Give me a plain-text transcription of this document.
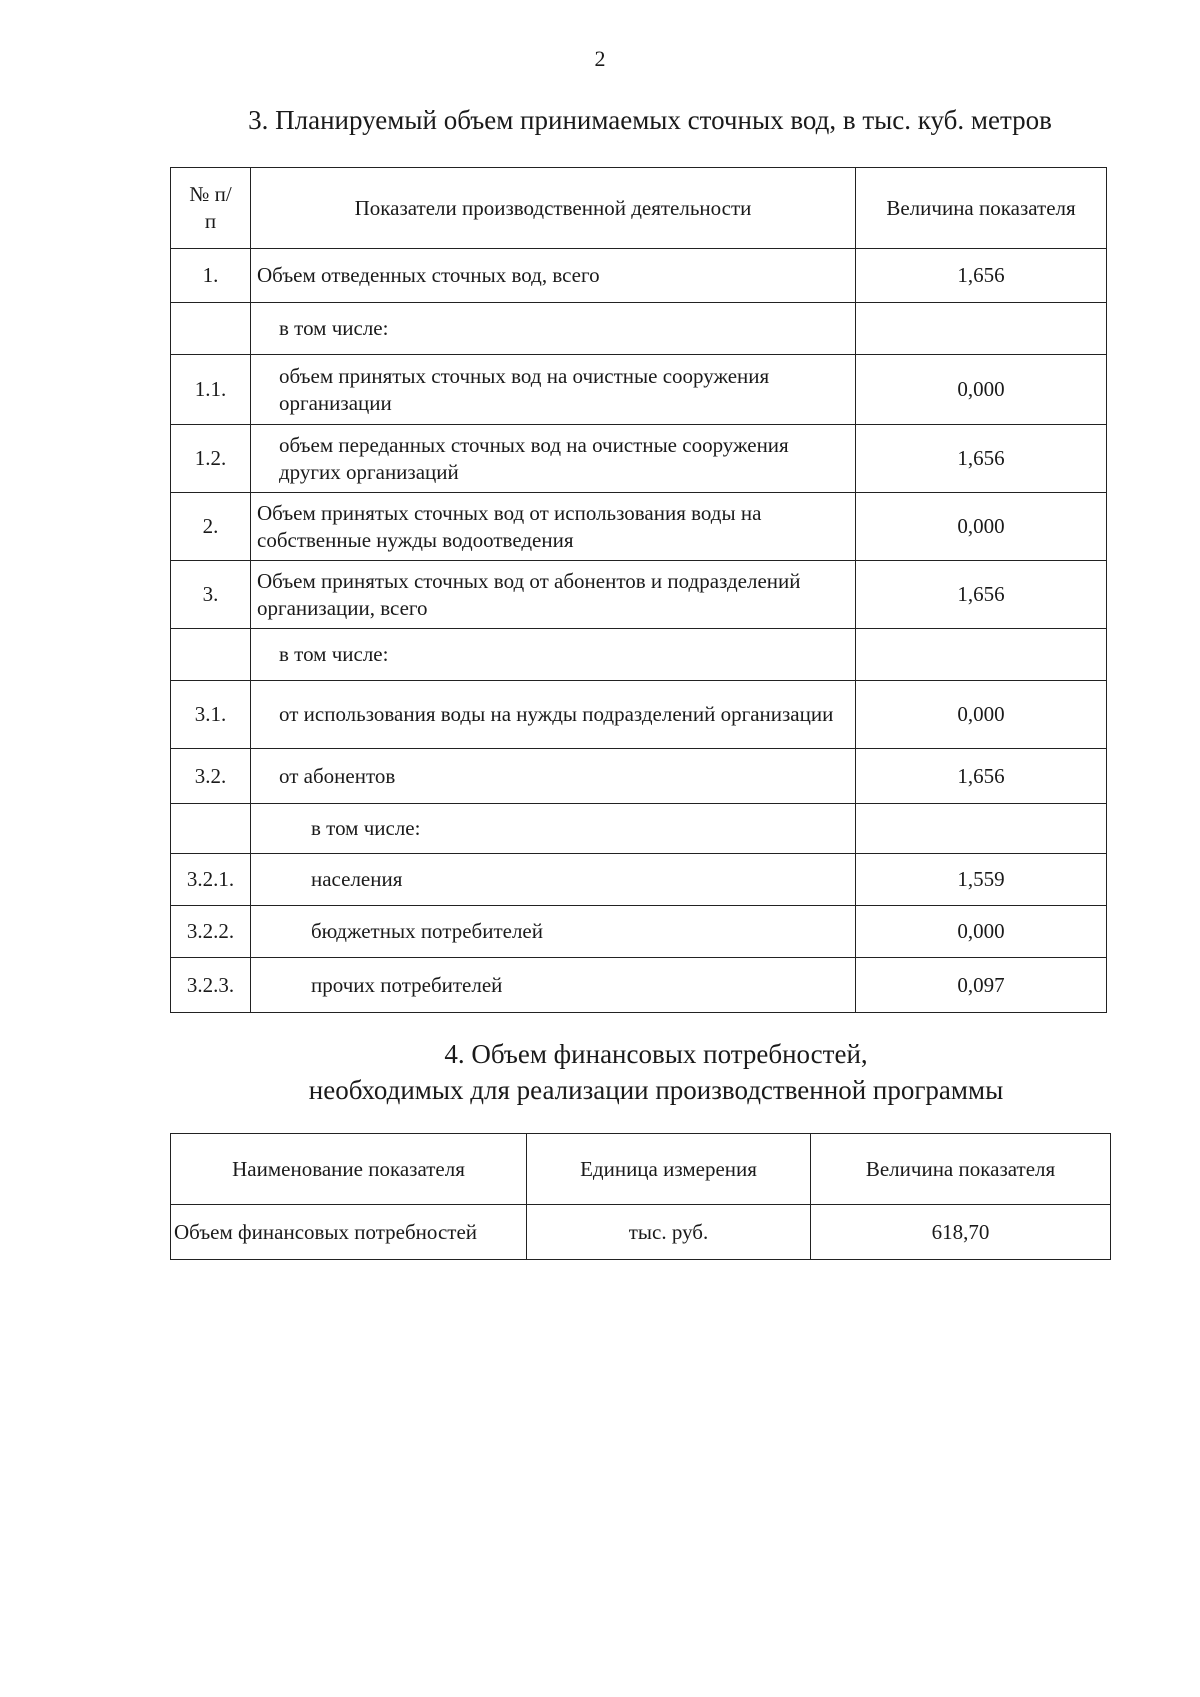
2
3. Планируемый объем принимаемых сточных вод, в тыс. куб. метров
№ п/п	Показатели производственной деятельности	Величина показателя
1.	Объем отведенных сточных вод, всего	1,656
	в том числе:	
1.1.	объем принятых сточных вод на очистные сооружения организации	0,000
1.2.	объем переданных сточных вод на очистные сооружения других организаций	1,656
2.	Объем принятых сточных вод от использования воды на собственные нужды водоотведения	0,000
3.	Объем принятых сточных вод от абонентов и подразделений организации, всего	1,656
	в том числе:	
3.1.	от использования воды на нужды подразделений организации	0,000
3.2.	от абонентов	1,656
	в том числе:	
3.2.1.	населения	1,559
3.2.2.	бюджетных потребителей	0,000
3.2.3.	прочих потребителей	0,097
4. Объем финансовых потребностей,
необходимых для реализации производственной программы
Наименование показателя	Единица измерения	Величина показателя
Объем финансовых потребностей	тыс. руб.	618,70
